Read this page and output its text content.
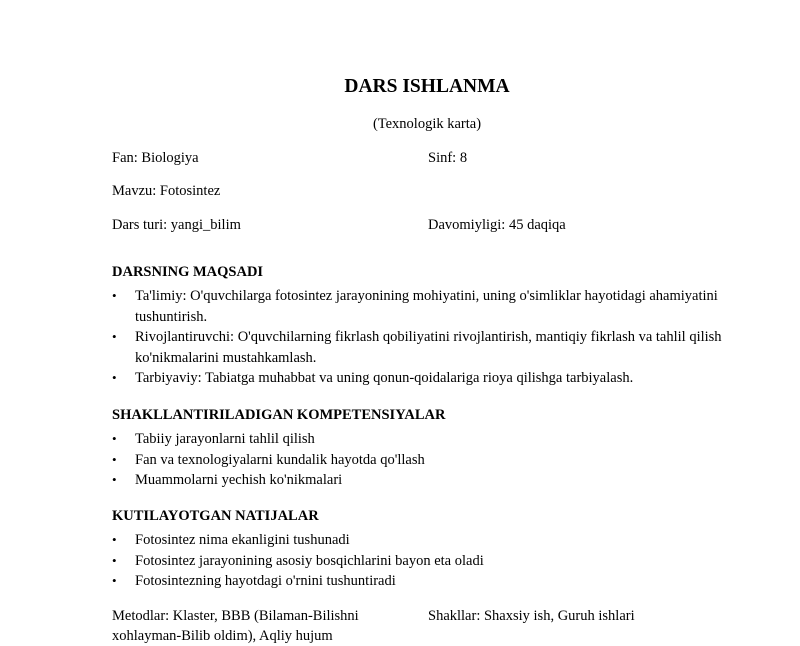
DARS ISHLANMA
(Texnologik karta)
Fan: Biologiya	Sinf: 8
Mavzu: Fotosintez
Dars turi: yangi_bilim	Davomiyligi: 45 daqiqa
DARSNING MAQSADI
• Ta'limiy: O'quvchilarga fotosintez jarayonining mohiyatini, uning o'simliklar hayotidagi ahamiyatini tushuntirish.
• Rivojlantiruvchi: O'quvchilarning fikrlash qobiliyatini rivojlantirish, mantiqiy fikrlash va tahlil qilish ko'nikmalarini mustahkamlash.
• Tarbiyaviy: Tabiatga muhabbat va uning qonun-qoidalariga rioya qilishga tarbiyalash.
SHAKLLANTIRILADIGAN KOMPETENSIYALAR
• Tabiiy jarayonlarni tahlil qilish
• Fan va texnologiyalarni kundalik hayotda qo'llash
• Muammolarni yechish ko'nikmalari
KUTILAYOTGAN NATIJALAR
• Fotosintez nima ekanligini tushunadi
• Fotosintez jarayonining asosiy bosqichlarini bayon eta oladi
• Fotosintezning hayotdagi o'rnini tushuntiradi
Metodlar: Klaster, BBB (Bilaman-Bilishni xohlayman-Bilib oldim), Aqliy hujum
Shakllar: Shaxsiy ish, Guruh ishlari
